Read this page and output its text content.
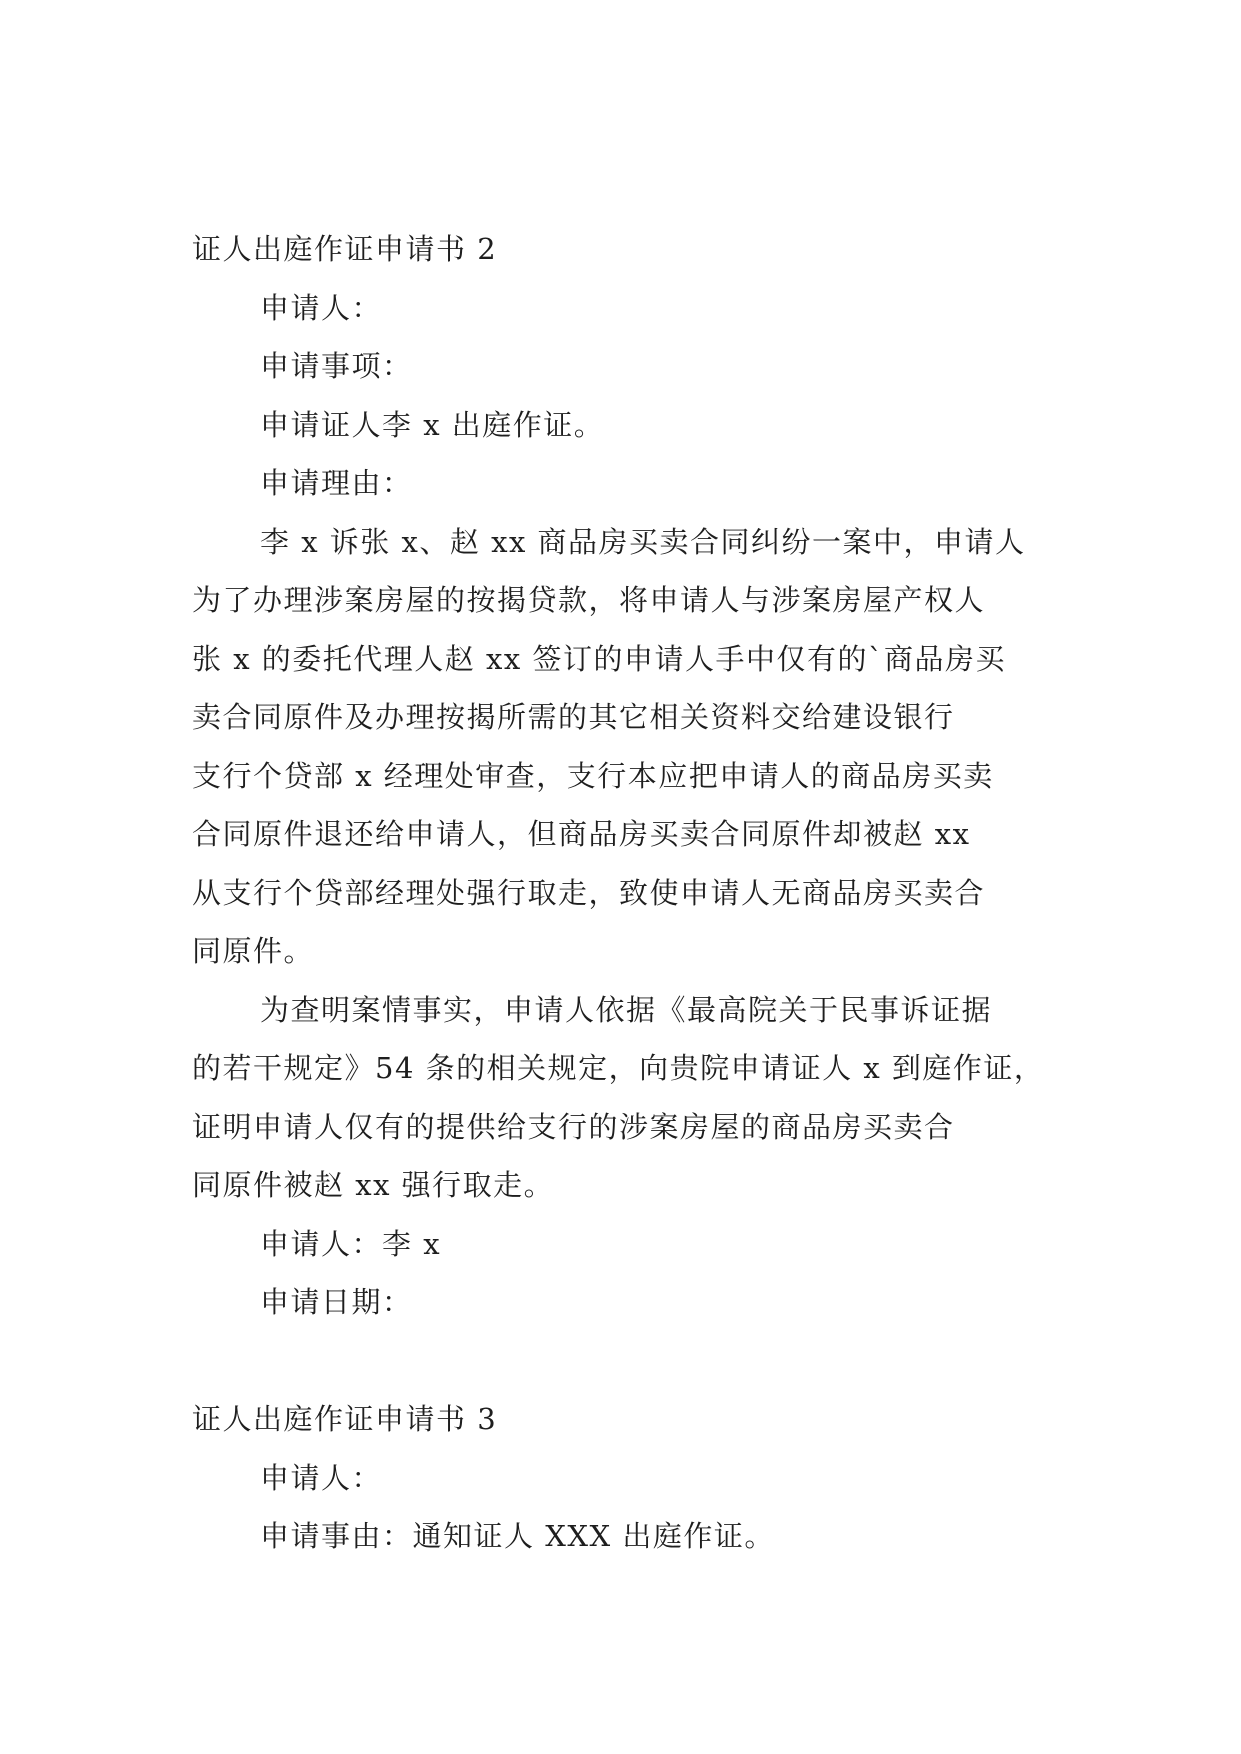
证人出庭作证申请书 2
申请人：
申请事项：
申请证人李 x 出庭作证。
申请理由：
李 x 诉张 x、赵 xx 商品房买卖合同纠纷一案中，申请人
为了办理涉案房屋的按揭贷款，将申请人与涉案房屋产权人
张 x 的委托代理人赵 xx 签订的申请人手中仅有的`商品房买
卖合同原件及办理按揭所需的其它相关资料交给建设银行
支行个贷部 x 经理处审查，支行本应把申请人的商品房买卖
合同原件退还给申请人，但商品房买卖合同原件却被赵 xx
从支行个贷部经理处强行取走，致使申请人无商品房买卖合
同原件。
为查明案情事实，申请人依据《最高院关于民事诉证据
的若干规定》54 条的相关规定，向贵院申请证人 x 到庭作证，
证明申请人仅有的提供给支行的涉案房屋的商品房买卖合
同原件被赵 xx 强行取走。
申请人：李 x
申请日期：
证人出庭作证申请书 3
申请人：
申请事由：通知证人 XXX 出庭作证。
